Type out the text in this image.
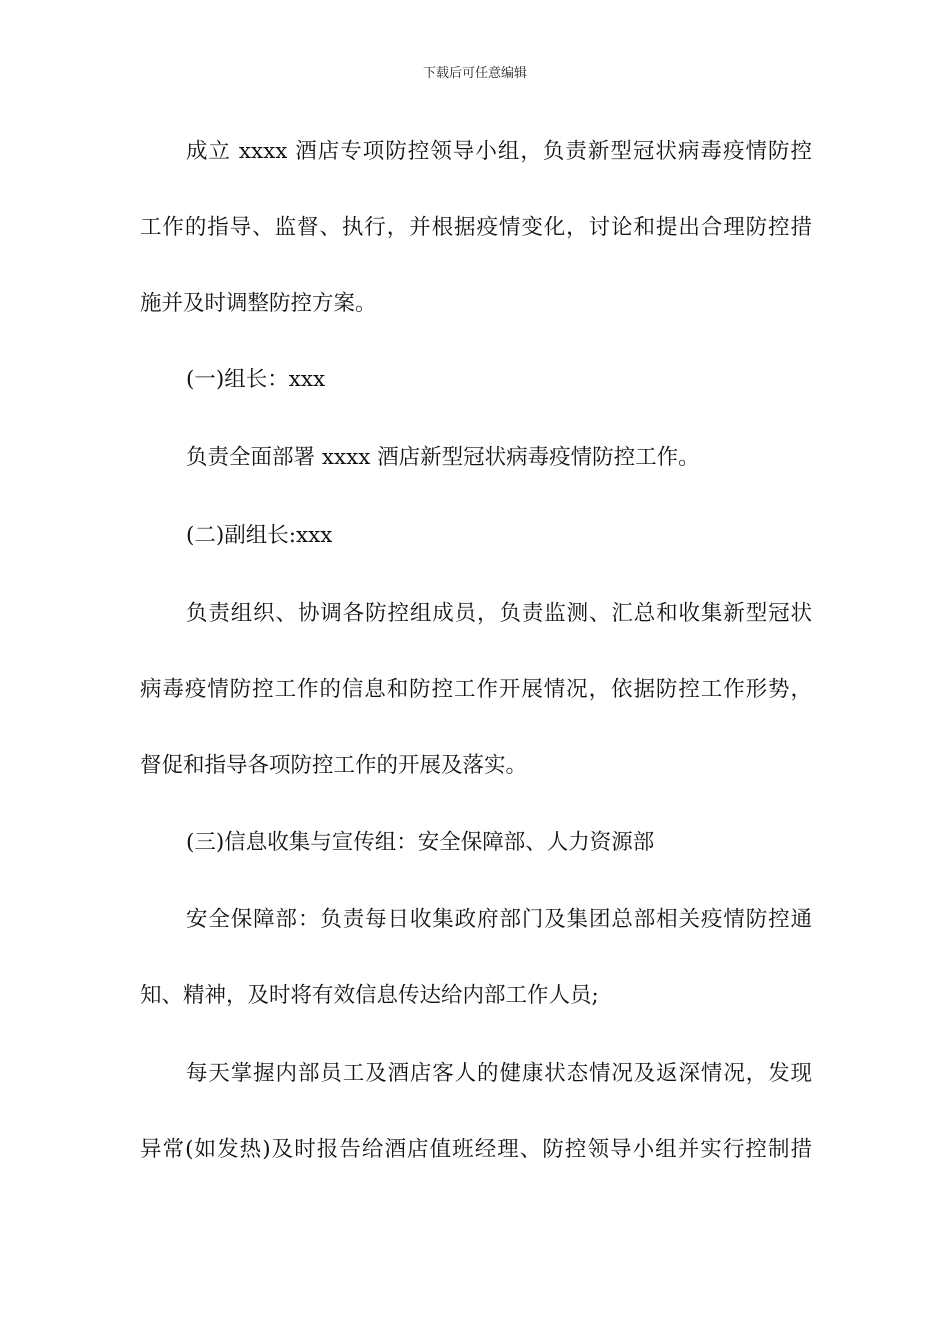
下载后可任意编辑
成立 xxxx 酒店专项防控领导小组，负责新型冠状病毒疫情防控
工作的指导、监督、执行，并根据疫情变化，讨论和提出合理防控措
施并及时调整防控方案。
(一)组长：xxx
负责全面部署 xxxx 酒店新型冠状病毒疫情防控工作。
(二)副组长:xxx
负责组织、协调各防控组成员，负责监测、汇总和收集新型冠状
病毒疫情防控工作的信息和防控工作开展情况，依据防控工作形势，
督促和指导各项防控工作的开展及落实。
(三)信息收集与宣传组：安全保障部、人力资源部
安全保障部：负责每日收集政府部门及集团总部相关疫情防控通
知、精神，及时将有效信息传达给内部工作人员;
每天掌握内部员工及酒店客人的健康状态情况及返深情况，发现
异常(如发热)及时报告给酒店值班经理、防控领导小组并实行控制措
